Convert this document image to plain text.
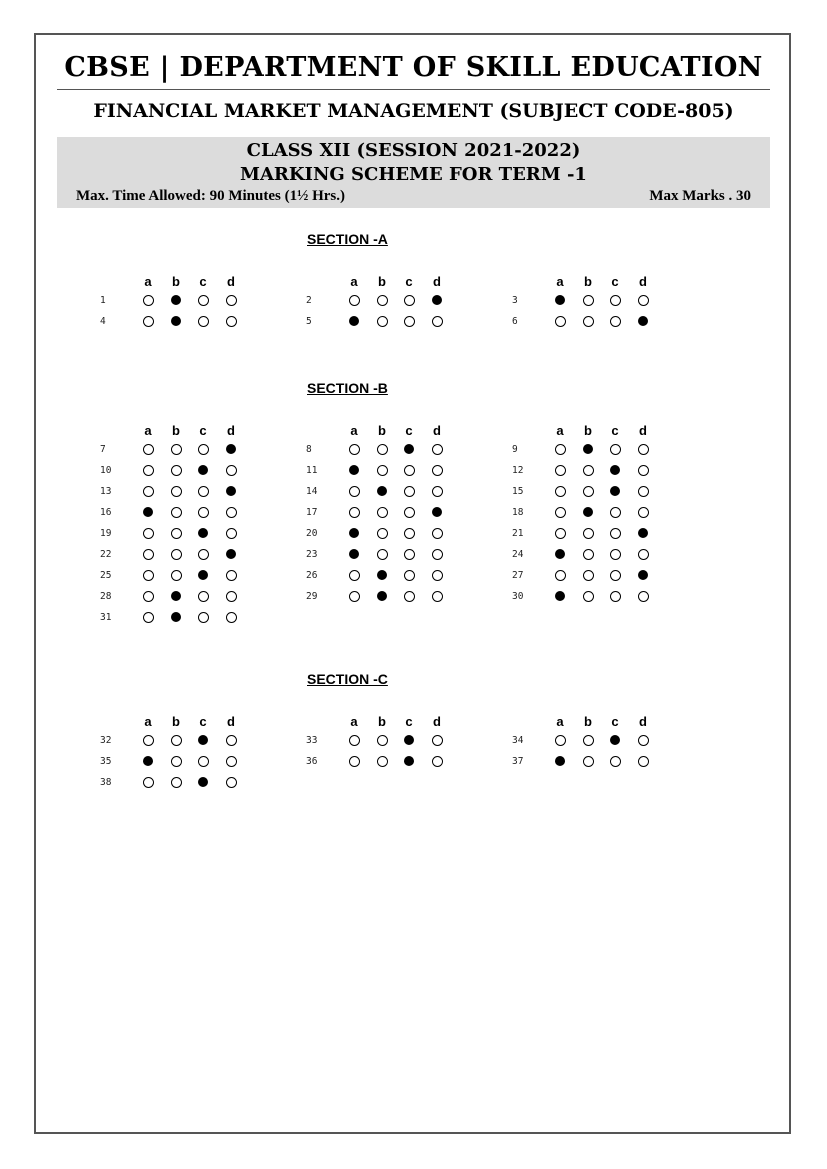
CBSE | DEPARTMENT OF SKILL EDUCATION
FINANCIAL MARKET MANAGEMENT (SUBJECT CODE-805)
CLASS XII (SESSION 2021-2022)
MARKING SCHEME FOR TERM -1
Max. Time Allowed: 90 Minutes (1½ Hrs.)	Max Marks . 30
SECTION -A
a b c d
1
4
a b c d
2
5
a b c d
3
6
SECTION -B
a b c d
7
10
13
16
19
22
25
28
31
a b c d
8
11
14
17
20
23
26
29
a b c d
9
12
15
18
21
24
27
30
SECTION -C
a b c d
32
35
38
a b c d
33
36
a b c d
34
37
